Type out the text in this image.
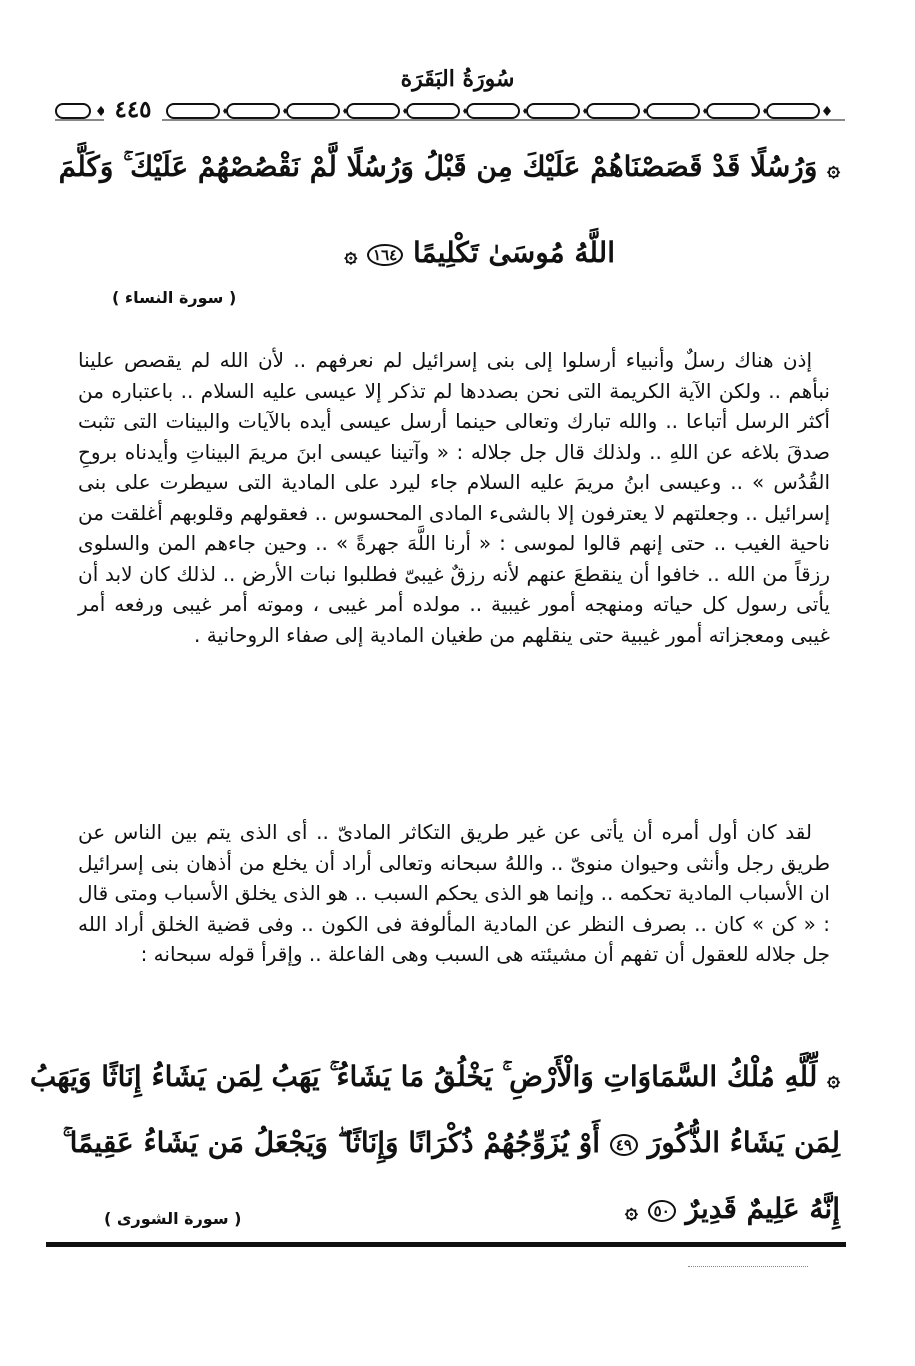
سُورَةُ البَقَرَة
٤٤٥
۞ وَرُسُلًا قَدْ قَصَصْنَاهُمْ عَلَيْكَ مِن قَبْلُ وَرُسُلًا لَّمْ نَقْصُصْهُمْ عَلَيْكَ ۚ وَكَلَّمَ
اللَّهُ مُوسَىٰ تَكْلِيمًا ١٦٤ ۞
( سورة النساء )

إذن هناك رسلٌ وأنبياء أرسلوا إلى بنى إسرائيل لم نعرفهم .. لأن الله لم يقصص علينا نبأهم .. ولكن الآية الكريمة التى نحن بصددها لم تذكر إلا عيسى عليه السلام .. باعتباره من أكثر الرسل أتباعا .. والله تبارك وتعالى حينما أرسل عيسى أيده بالآيات والبينات التى تثبت صدقَ بلاغه عن اللهِ .. ولذلك قال جل جلاله : « وآتينا عيسى ابنَ مريمَ البيناتِ وأيدناه بروحِ القُدُس » .. وعيسى ابنُ مريمَ عليه السلام جاء ليرد على المادية التى سيطرت على بنى إسرائيل .. وجعلتهم لا يعترفون إلا بالشىء المادى المحسوس .. فعقولهم وقلوبهم أغلقت من ناحية الغيب .. حتى إنهم قالوا لموسى : « أرنا اللَّهَ جهرةً » .. وحين جاءهم المن والسلوى رزقاً من الله .. خافوا أن ينقطعَ عنهم لأنه رزقٌ غيبىّ فطلبوا نبات الأرض .. لذلك كان لابد أن يأتى رسول كل حياته ومنهجه أمور غيبية .. مولده أمر غيبى ، وموته أمر غيبى ورفعه أمر غيبى ومعجزاته أمور غيبية حتى ينقلهم من طغيان المادية إلى صفاء الروحانية .

لقد كان أول أمره أن يأتى عن غير طريق التكاثر المادىّ .. أى الذى يتم بين الناس عن طريق رجل وأنثى وحيوان منوىّ .. واللهُ سبحانه وتعالى أراد أن يخلع من أذهان بنى إسرائيل ان الأسباب المادية تحكمه .. وإنما هو الذى يحكم السبب .. هو الذى يخلق الأسباب ومتى قال : « كن » كان .. بصرف النظر عن المادية المألوفة فى الكون .. وفى قضية الخلق أراد الله جل جلاله للعقول أن تفهم أن مشيئته هى السبب وهى الفاعلة .. وإقرأ قوله سبحانه :

۞ لِّلَّهِ مُلْكُ السَّمَاوَاتِ وَالْأَرْضِ ۚ يَخْلُقُ مَا يَشَاءُ ۚ يَهَبُ لِمَن يَشَاءُ إِنَاثًا وَيَهَبُ
لِمَن يَشَاءُ الذُّكُورَ ٤٩ أَوْ يُزَوِّجُهُمْ ذُكْرَانًا وَإِنَاثًا ۖ وَيَجْعَلُ مَن يَشَاءُ عَقِيمًا ۚ
إِنَّهُ عَلِيمٌ قَدِيرٌ ٥٠ ۞
( سورة الشورى )
